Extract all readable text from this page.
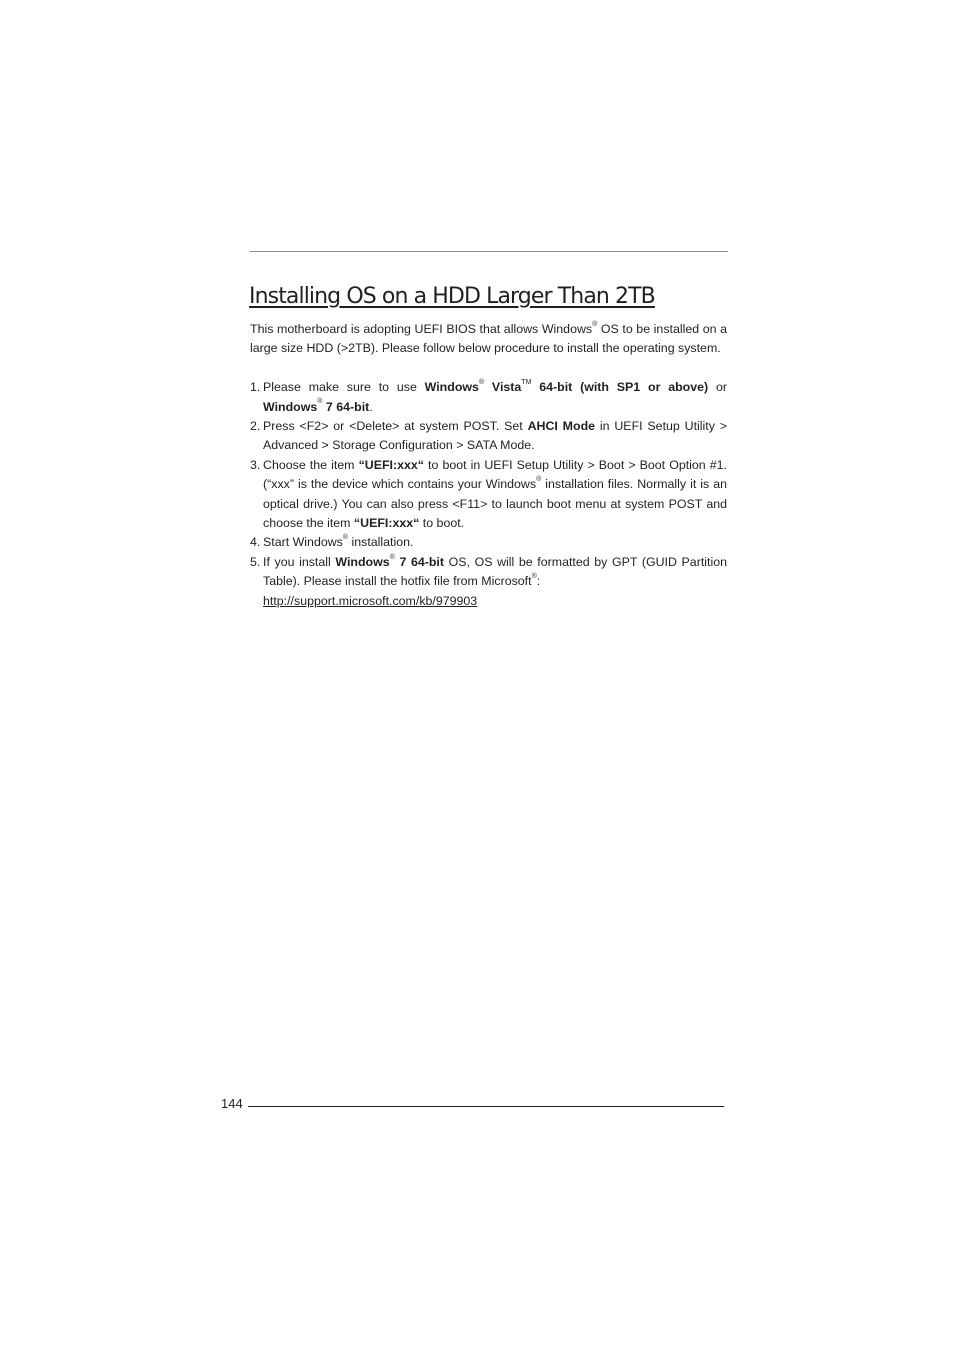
Installing OS on a HDD Larger Than 2TB

This motherboard is adopting UEFI BIOS that allows Windows® OS to be installed on a large size HDD (>2TB). Please follow below procedure to install the operating system.

1. Please make sure to use Windows® Vista™ 64-bit (with SP1 or above) or Windows® 7 64-bit.
2. Press <F2> or <Delete> at system POST. Set AHCI Mode in UEFI Setup Utility > Advanced > Storage Configuration > SATA Mode.
3. Choose the item “UEFI:xxx“ to boot in UEFI Setup Utility > Boot > Boot Option #1. (“xxx” is the device which contains your Windows® installation files. Normally it is an optical drive.) You can also press <F11> to launch boot menu at system POST and choose the item “UEFI:xxx“ to boot.
4. Start Windows® installation.
5. If you install Windows® 7 64-bit OS, OS will be formatted by GPT (GUID Partition Table). Please install the hotfix file from Microsoft®:
http://support.microsoft.com/kb/979903
144
